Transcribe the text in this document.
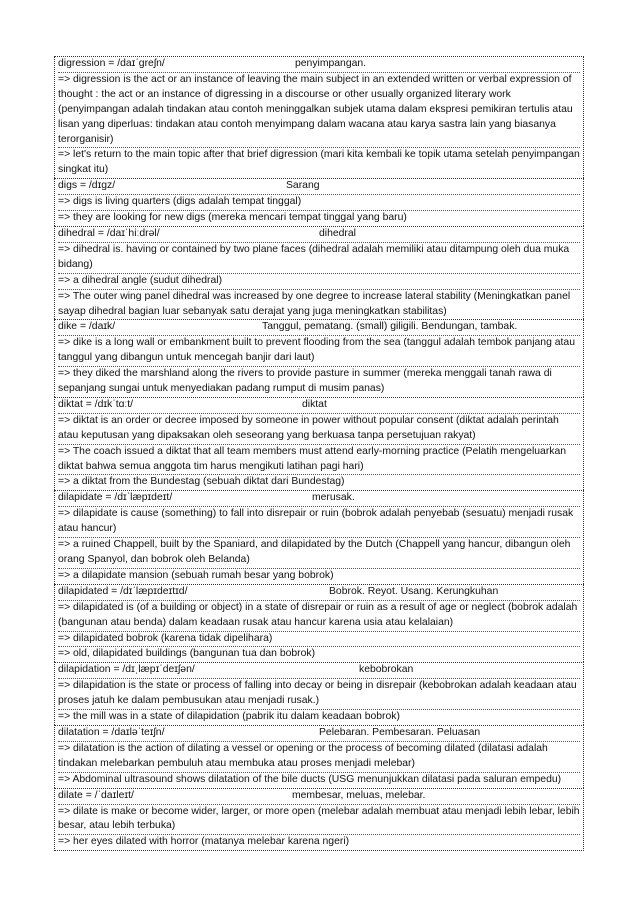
digression = /daɪˈɡreʃn/	penyimpangan.
=> digression is the act or an instance of leaving the main subject in an extended written or verbal expression of thought : the act or an instance of digressing in a discourse or other usually organized literary work (penyimpangan adalah tindakan atau contoh meninggalkan subjek utama dalam ekspresi pemikiran tertulis atau lisan yang diperluas: tindakan atau contoh menyimpang dalam wacana atau karya sastra lain yang biasanya terorganisir)
=> let's return to the main topic after that brief digression (mari kita kembali ke topik utama setelah penyimpangan singkat itu)
digs = /dɪɡz/	Sarang
=> digs is living quarters (digs adalah tempat tinggal)
=> they are looking for new digs (mereka mencari tempat tinggal yang baru)
dihedral = /daɪˈhiːdrəl/	dihedral
=> dihedral is. having or contained by two plane faces (dihedral adalah memiliki atau ditampung oleh dua muka bidang)
=> a dihedral angle (sudut dihedral)
=> The outer wing panel dihedral was increased by one degree to increase lateral stability (Meningkatkan panel sayap dihedral bagian luar sebanyak satu derajat yang juga meningkatkan stabilitas)
dike = /daɪk/	Tanggul, pematang. (small) giligili. Bendungan, tambak.
=> dike is a long wall or embankment built to prevent flooding from the sea (tanggul adalah tembok panjang atau tanggul yang dibangun untuk mencegah banjir dari laut)
=> they diked the marshland along the rivers to provide pasture in summer (mereka menggali tanah rawa di sepanjang sungai untuk menyediakan padang rumput di musim panas)
diktat = /dɪkˈtɑːt/	diktat
=> diktat is an order or decree imposed by someone in power without popular consent (diktat adalah perintah atau keputusan yang dipaksakan oleh seseorang yang berkuasa tanpa persetujuan rakyat)
=> The coach issued a diktat that all team members must attend early-morning practice (Pelatih mengeluarkan diktat bahwa semua anggota tim harus mengikuti latihan pagi hari)
=> a diktat from the Bundestag (sebuah diktat dari Bundestag)
dilapidate = /dɪˈlæpɪdeɪt/	merusak.
=> dilapidate is cause (something) to fall into disrepair or ruin (bobrok adalah penyebab (sesuatu) menjadi rusak atau hancur)
=> a ruined Chappell, built by the Spaniard, and dilapidated by the Dutch (Chappell yang hancur, dibangun oleh orang Spanyol, dan bobrok oleh Belanda)
=> a dilapidate mansion (sebuah rumah besar yang bobrok)
dilapidated = /dɪˈlæpɪdeɪtɪd/	Bobrok. Reyot. Usang. Kerungkuhan
=> dilapidated is (of a building or object) in a state of disrepair or ruin as a result of age or neglect (bobrok adalah (bangunan atau benda) dalam keadaan rusak atau hancur karena usia atau kelalaian)
=> dilapidated bobrok (karena tidak dipelihara)
=> old, dilapidated buildings (bangunan tua dan bobrok)
dilapidation = /dɪˌlæpɪˈdeɪʃən/	kebobrokan
=> dilapidation is the state or process of falling into decay or being in disrepair (kebobrokan adalah keadaan atau proses jatuh ke dalam pembusukan atau menjadi rusak.)
=> the mill was in a state of dilapidation (pabrik itu dalam keadaan bobrok)
dilatation = /daɪləˈteɪʃn/	Pelebaran. Pembesaran. Peluasan
=> dilatation is the action of dilating a vessel or opening or the process of becoming dilated (dilatasi adalah tindakan melebarkan pembuluh atau membuka atau proses menjadi melebar)
=> Abdominal ultrasound shows dilatation of the bile ducts (USG menunjukkan dilatasi pada saluran empedu)
dilate = /ˈdaɪleɪt/	membesar, meluas, melebar.
=> dilate is make or become wider, larger, or more open (melebar adalah membuat atau menjadi lebih lebar, lebih besar, atau lebih terbuka)
=> her eyes dilated with horror (matanya melebar karena ngeri)
